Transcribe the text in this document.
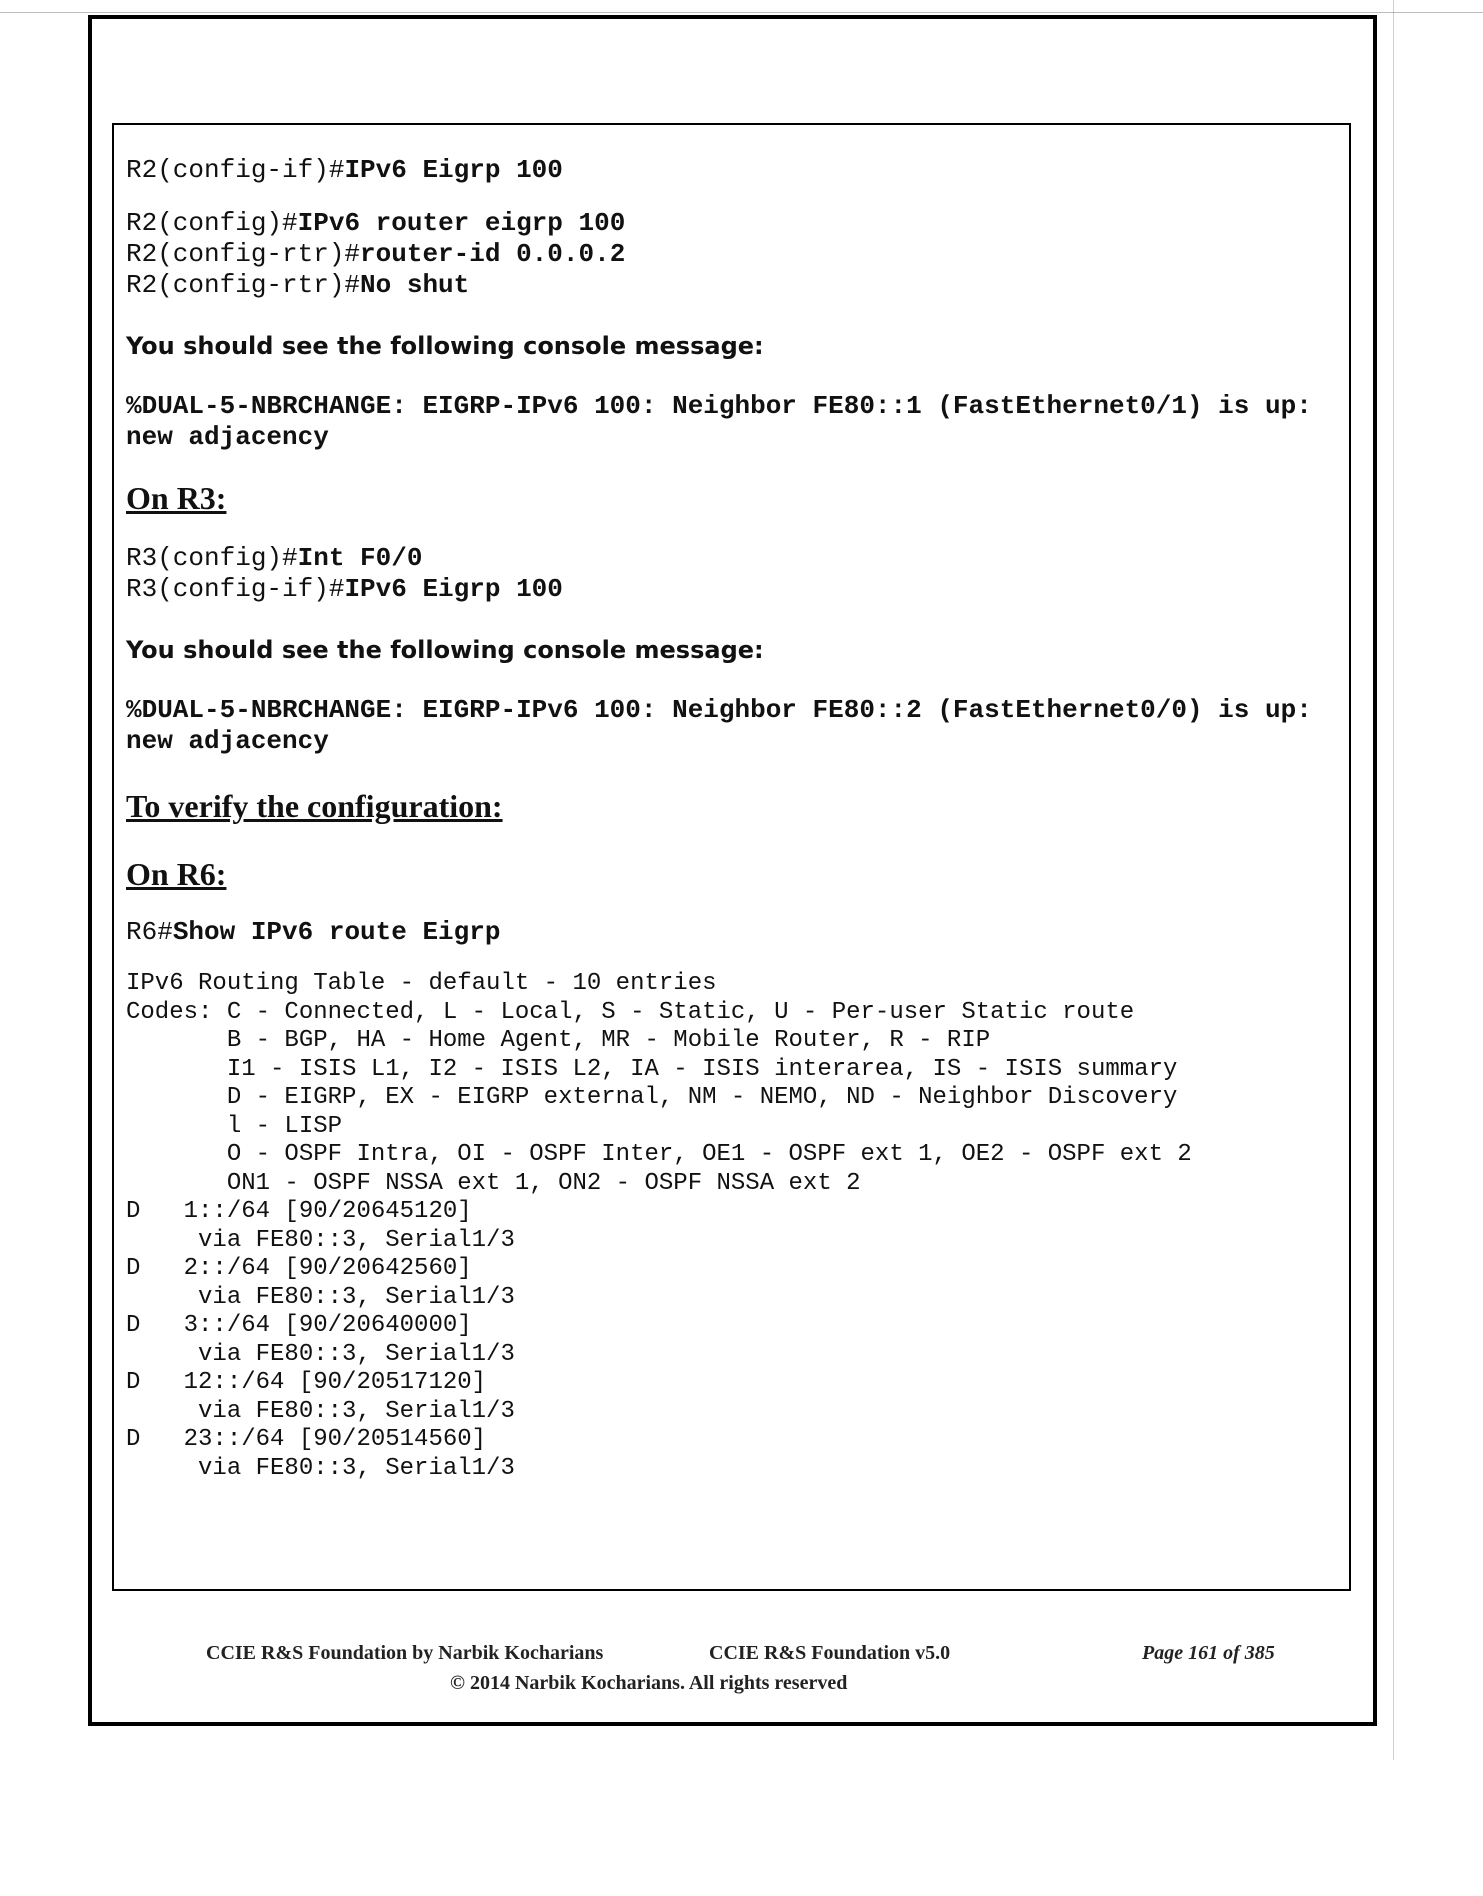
R2(config-if)#IPv6 Eigrp 100
R2(config)#IPv6 router eigrp 100
R2(config-rtr)#router-id 0.0.0.2
R2(config-rtr)#No shut
You should see the following console message:
%DUAL-5-NBRCHANGE: EIGRP-IPv6 100: Neighbor FE80::1 (FastEthernet0/1) is up: new adjacency
On R3:
R3(config)#Int F0/0
R3(config-if)#IPv6 Eigrp 100
You should see the following console message:
%DUAL-5-NBRCHANGE: EIGRP-IPv6 100: Neighbor FE80::2 (FastEthernet0/0) is up: new adjacency
To verify the configuration:
On R6:
R6#Show IPv6 route Eigrp
IPv6 Routing Table - default - 10 entries
Codes: C - Connected, L - Local, S - Static, U - Per-user Static route
B - BGP, HA - Home Agent, MR - Mobile Router, R - RIP
I1 - ISIS L1, I2 - ISIS L2, IA - ISIS interarea, IS - ISIS summary
D - EIGRP, EX - EIGRP external, NM - NEMO, ND - Neighbor Discovery
l - LISP
O - OSPF Intra, OI - OSPF Inter, OE1 - OSPF ext 1, OE2 - OSPF ext 2
ON1 - OSPF NSSA ext 1, ON2 - OSPF NSSA ext 2
D   1::/64 [90/20645120]
via FE80::3, Serial1/3
D   2::/64 [90/20642560]
via FE80::3, Serial1/3
D   3::/64 [90/20640000]
via FE80::3, Serial1/3
D   12::/64 [90/20517120]
via FE80::3, Serial1/3
D   23::/64 [90/20514560]
via FE80::3, Serial1/3
CCIE R&S Foundation by Narbik Kocharians	CCIE R&S Foundation v5.0	Page 161 of 385
© 2014 Narbik Kocharians. All rights reserved
